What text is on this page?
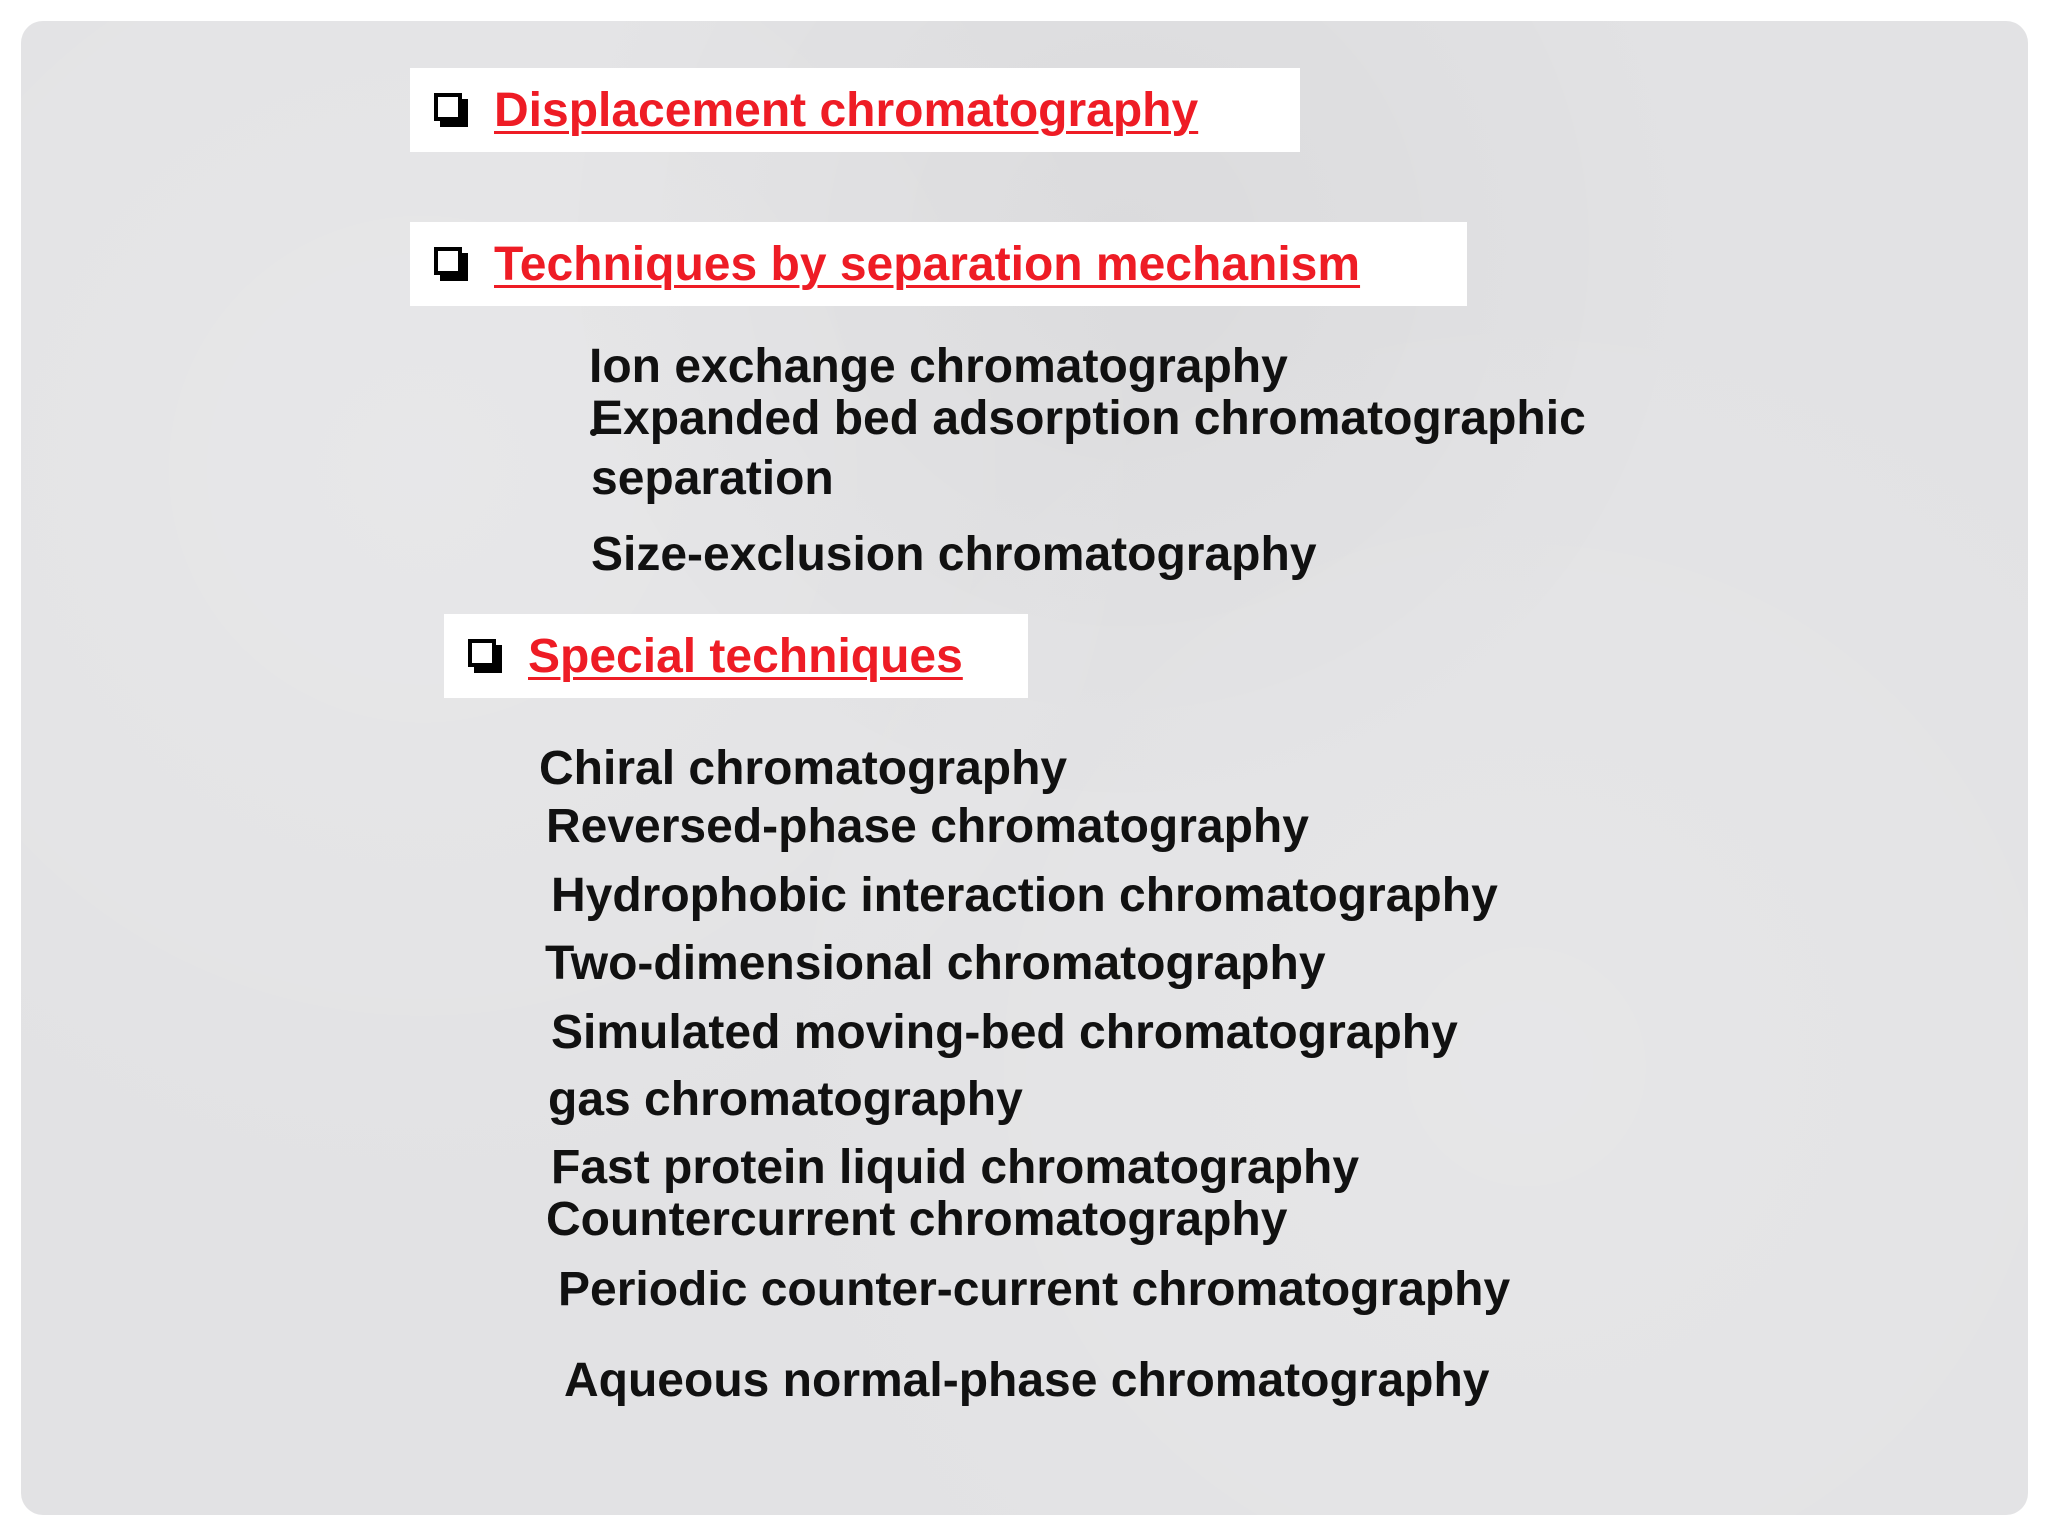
Displacement chromatography
Techniques by separation mechanism
Ion exchange chromatography
Expanded bed adsorption chromatographic
separation
Size-exclusion chromatography
Special techniques
Chiral chromatography
Reversed-phase chromatography
Hydrophobic interaction chromatography
Two-dimensional chromatography
Simulated moving-bed chromatography
gas chromatography
Fast protein liquid chromatography
Countercurrent chromatography
Periodic counter-current chromatography
Aqueous normal-phase chromatography
